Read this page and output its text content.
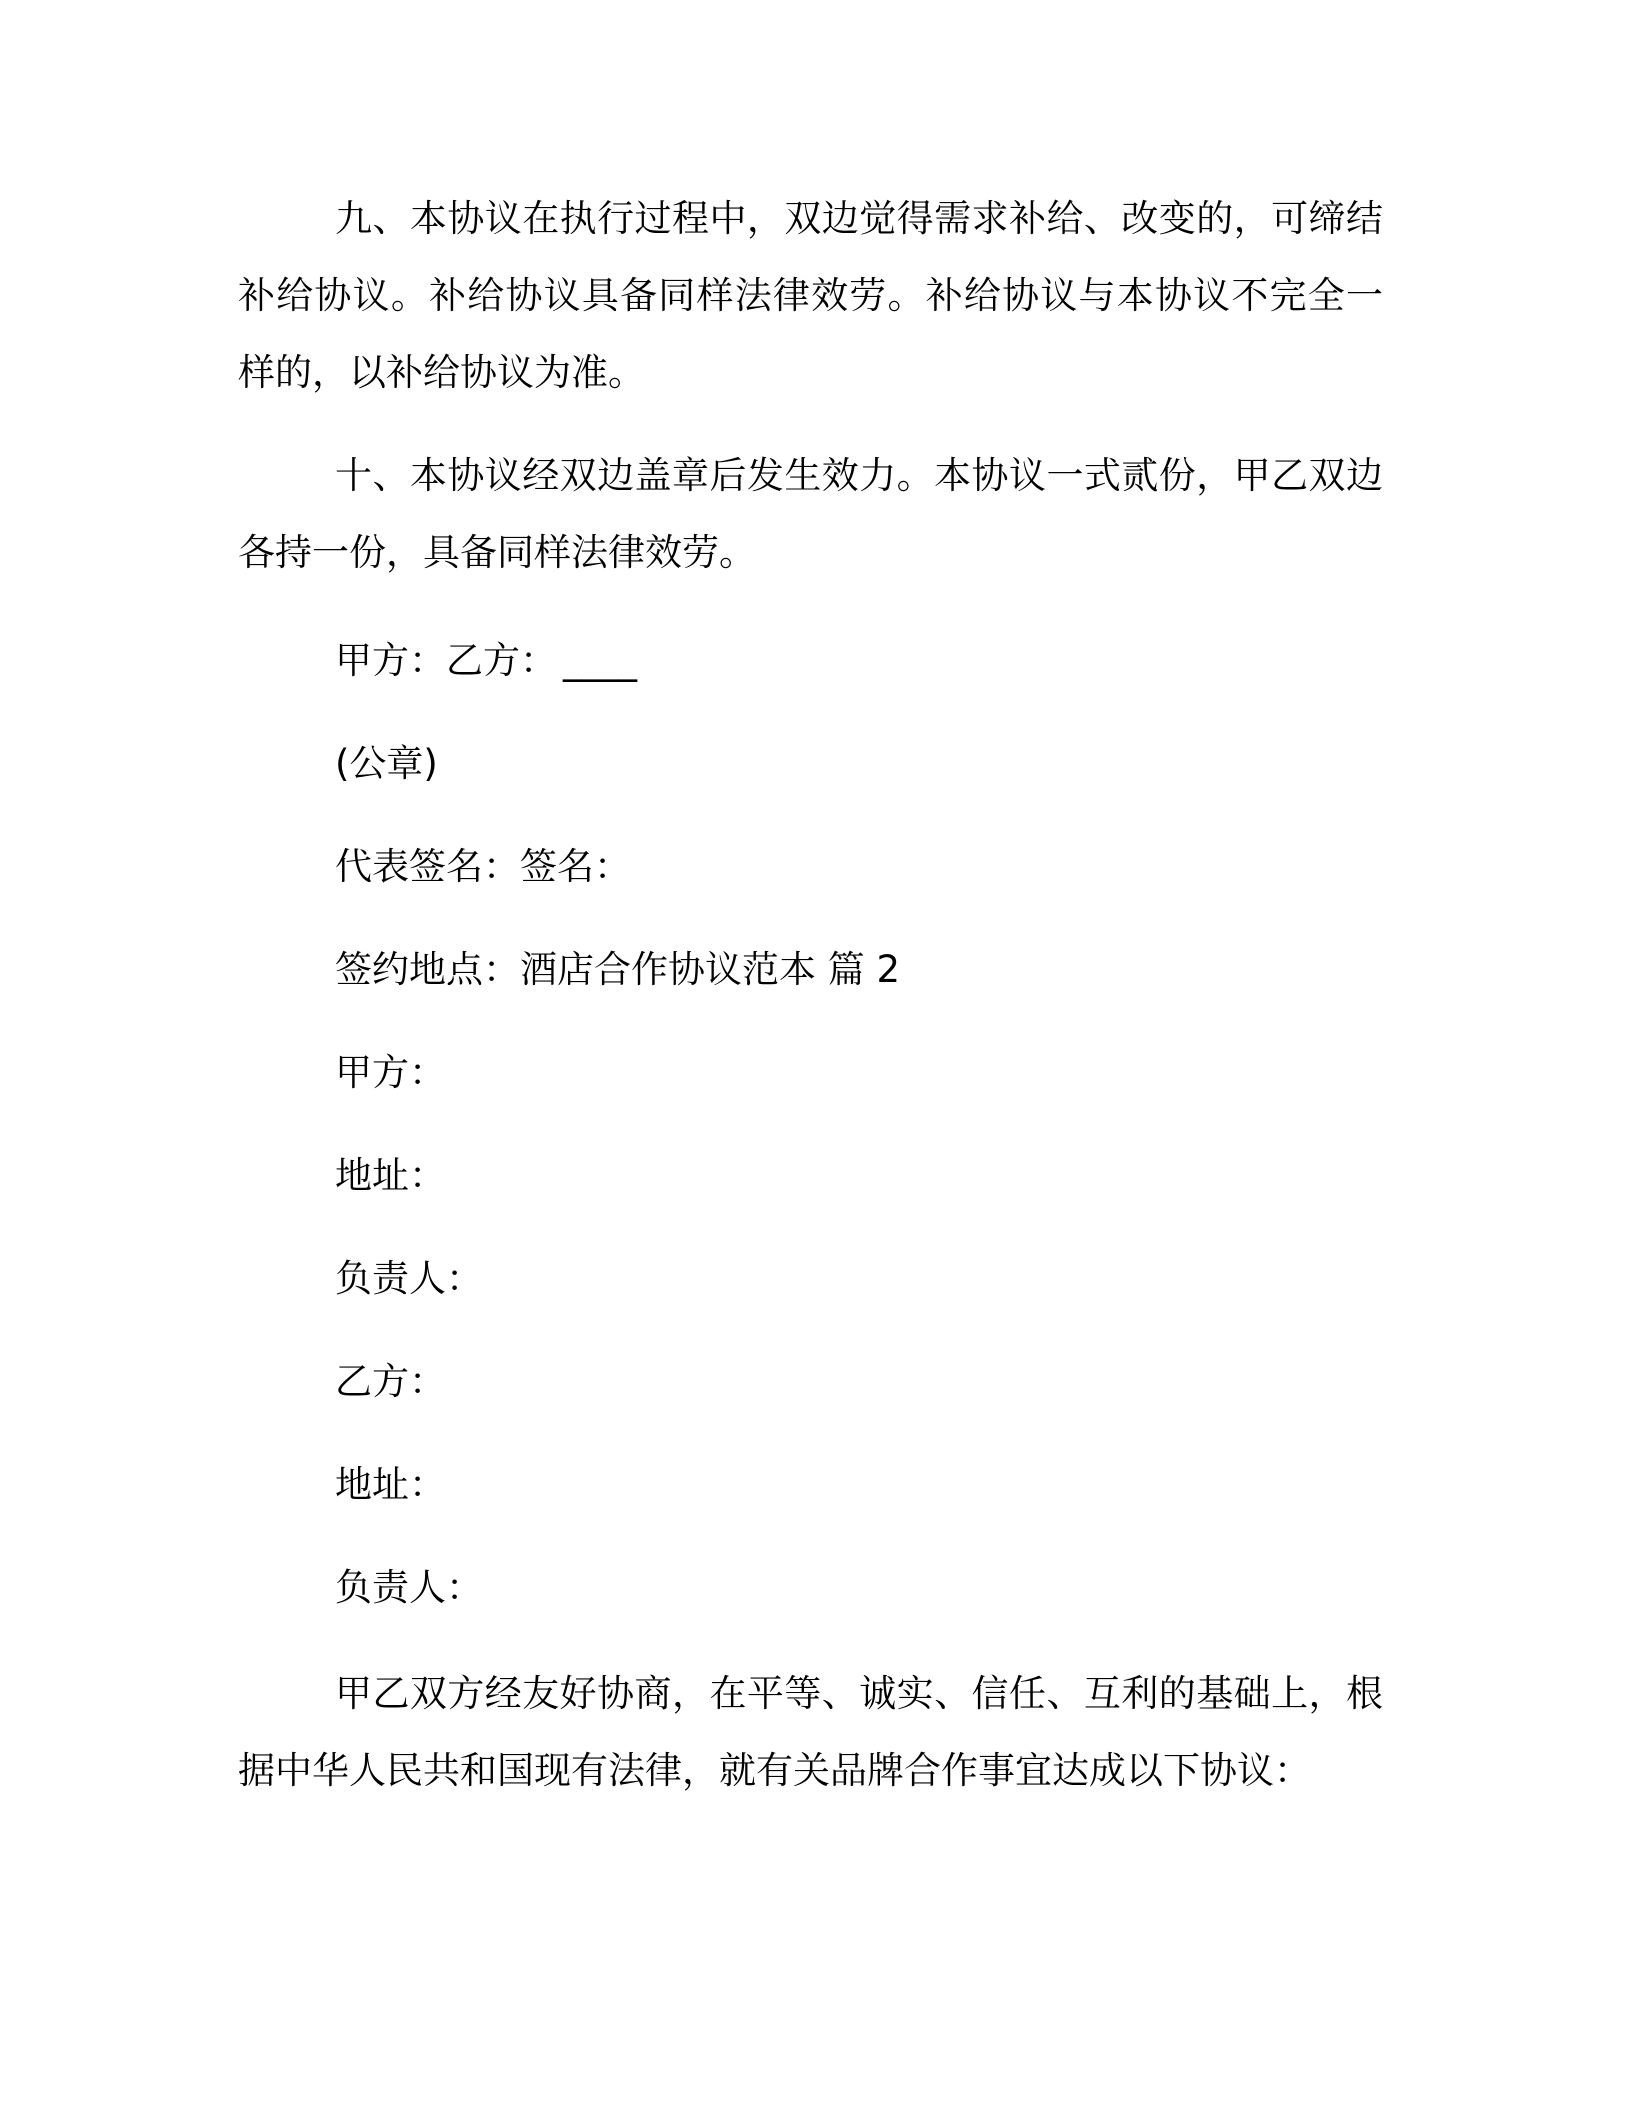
九、本协议在执行过程中，双边觉得需求补给、改变的，可缔结补给协议。补给协议具备同样法律效劳。补给协议与本协议不完全一样的，以补给协议为准。

十、本协议经双边盖章后发生效力。本协议一式贰份，甲乙双边各持一份，具备同样法律效劳。

甲方：乙方： ____

(公章)

代表签名：签名：

签约地点：酒店合作协议范本 篇 2

甲方：

地址：

负责人：

乙方：

地址：

负责人：

甲乙双方经友好协商，在平等、诚实、信任、互利的基础上，根据中华人民共和国现有法律，就有关品牌合作事宜达成以下协议：
